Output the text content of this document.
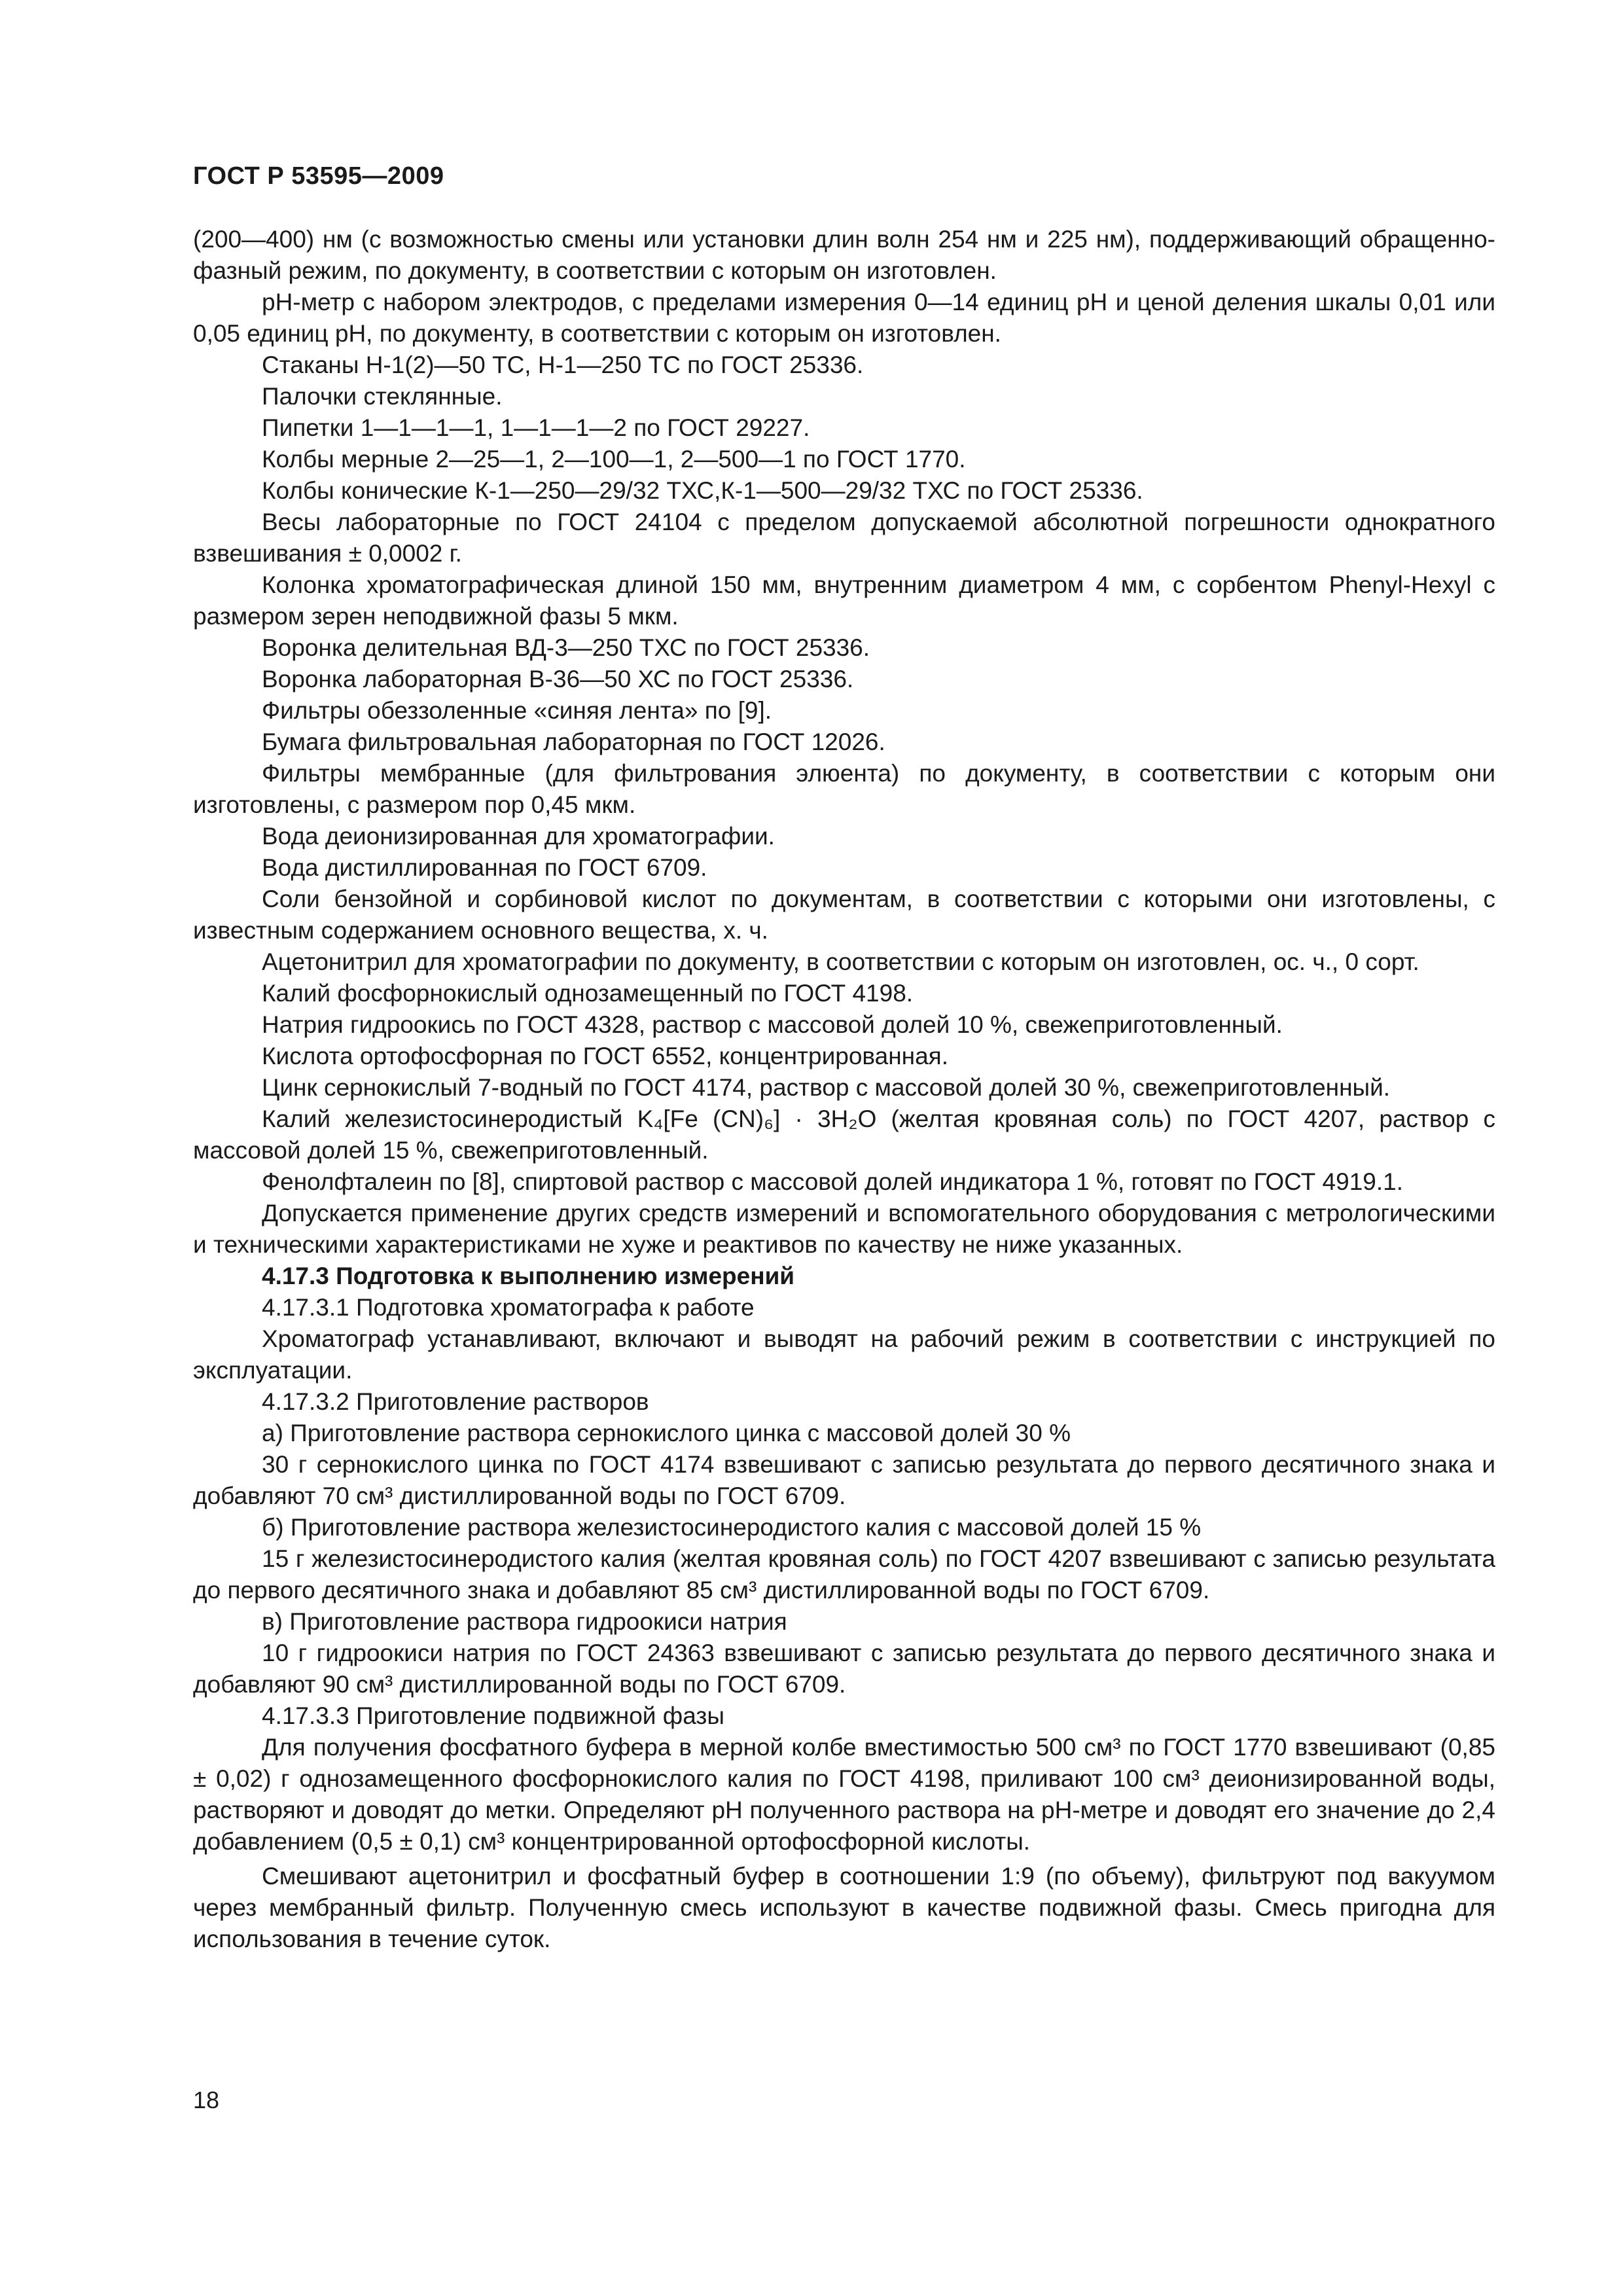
ГОСТ Р 53595—2009

(200—400) нм (с возможностью смены или установки длин волн 254 нм и 225 нм), поддерживающий обращенно-фазный режим, по документу, в соответствии с которым он изготовлен.

рН-метр с набором электродов, с пределами измерения 0—14 единиц рН и ценой деления шкалы 0,01 или 0,05 единиц рН, по документу, в соответствии с которым он изготовлен.

Стаканы Н-1(2)—50 ТС, Н-1—250 ТС по ГОСТ 25336.

Палочки стеклянные.

Пипетки 1—1—1—1, 1—1—1—2 по ГОСТ 29227.

Колбы мерные 2—25—1, 2—100—1, 2—500—1 по ГОСТ 1770.

Колбы конические К-1—250—29/32 ТХС,К-1—500—29/32 ТХС по ГОСТ 25336.

Весы лабораторные по ГОСТ 24104 с пределом допускаемой абсолютной погрешности однократного взвешивания ± 0,0002 г.

Колонка хроматографическая длиной 150 мм, внутренним диаметром 4 мм, с сорбентом Phenyl-Hexyl с размером зерен неподвижной фазы 5 мкм.

Воронка делительная ВД-3—250 ТХС по ГОСТ 25336.

Воронка лабораторная В-36—50 ХС по ГОСТ 25336.

Фильтры обеззоленные «синяя лента» по [9].

Бумага фильтровальная лабораторная по ГОСТ 12026.

Фильтры мембранные (для фильтрования элюента) по документу, в соответствии с которым они изготовлены, с размером пор 0,45 мкм.

Вода деионизированная для хроматографии.

Вода дистиллированная по ГОСТ 6709.

Соли бензойной и сорбиновой кислот по документам, в соответствии с которыми они изготовлены, с известным содержанием основного вещества, х. ч.

Ацетонитрил для хроматографии по документу, в соответствии с которым он изготовлен, ос. ч., 0 сорт.

Калий фосфорнокислый однозамещенный по ГОСТ 4198.

Натрия гидроокись по ГОСТ 4328, раствор с массовой долей 10 %, свежеприготовленный.

Кислота ортофосфорная по ГОСТ 6552, концентрированная.

Цинк сернокислый 7-водный по ГОСТ 4174, раствор с массовой долей 30 %, свежеприготовленный.

Калий железистосинеродистый K₄[Fe (CN)₆] · 3H₂O (желтая кровяная соль) по ГОСТ 4207, раствор с массовой долей 15 %, свежеприготовленный.

Фенолфталеин по [8], спиртовой раствор с массовой долей индикатора 1 %, готовят по ГОСТ 4919.1.

Допускается применение других средств измерений и вспомогательного оборудования с метрологическими и техническими характеристиками не хуже и реактивов по качеству не ниже указанных.

4.17.3 Подготовка к выполнению измерений

4.17.3.1 Подготовка хроматографа к работе

Хроматограф устанавливают, включают и выводят на рабочий режим в соответствии с инструкцией по эксплуатации.

4.17.3.2 Приготовление растворов

а) Приготовление раствора сернокислого цинка с массовой долей 30 %

30 г сернокислого цинка по ГОСТ 4174 взвешивают с записью результата до первого десятичного знака и добавляют 70 см³ дистиллированной воды по ГОСТ 6709.

б) Приготовление раствора железистосинеродистого калия с массовой долей 15 %

15 г железистосинеродистого калия (желтая кровяная соль) по ГОСТ 4207 взвешивают с записью результата до первого десятичного знака и добавляют 85 см³ дистиллированной воды по ГОСТ 6709.

в) Приготовление раствора гидроокиси натрия

10 г гидроокиси натрия по ГОСТ 24363 взвешивают с записью результата до первого десятичного знака и добавляют 90 см³ дистиллированной воды по ГОСТ 6709.

4.17.3.3 Приготовление подвижной фазы

Для получения фосфатного буфера в мерной колбе вместимостью 500 см³ по ГОСТ 1770 взвешивают (0,85 ± 0,02) г однозамещенного фосфорнокислого калия по ГОСТ 4198, приливают 100 см³ деионизированной воды, растворяют и доводят до метки. Определяют рН полученного раствора на рН-метре и доводят его значение до 2,4 добавлением (0,5 ± 0,1) см³ концентрированной ортофосфорной кислоты.

Смешивают ацетонитрил и фосфатный буфер в соотношении 1:9 (по объему), фильтруют под вакуумом через мембранный фильтр. Полученную смесь используют в качестве подвижной фазы. Смесь пригодна для использования в течение суток.

18
